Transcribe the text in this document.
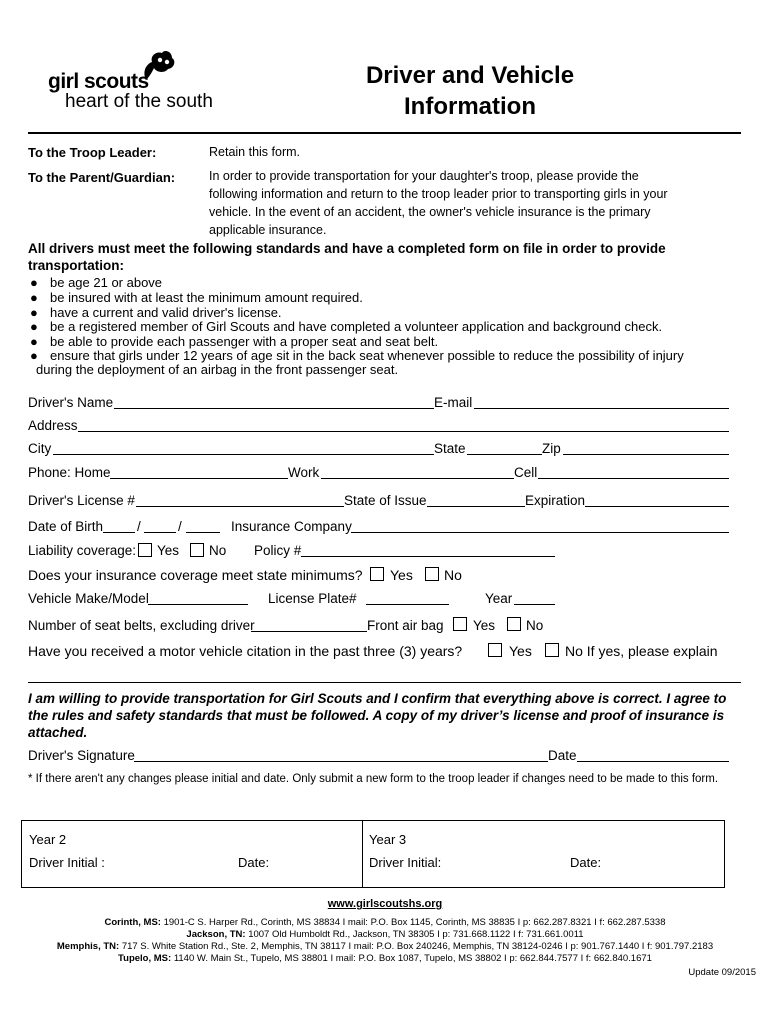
girl scouts
heart of the south
Driver and Vehicle
Information
To the Troop Leader:	Retain this form.
To the Parent/Guardian:	In order to provide transportation for your daughter's troop, please provide the
following information and return to the troop leader prior to transporting girls in your
vehicle. In the event of an accident, the owner's vehicle insurance is the primary
applicable insurance.
All drivers must meet the following standards and have a completed form on file in order to provide transportation:
● be age 21 or above
● be insured with at least the minimum amount required.
● have a current and valid driver's license.
● be a registered member of Girl Scouts and have completed a volunteer application and background check.
● be able to provide each passenger with a proper seat and seat belt.
● ensure that girls under 12 years of age sit in the back seat whenever possible to reduce the possibility of injury
during the deployment of an airbag in the front passenger seat.
Driver's Name	E-mail
Address
City	State	Zip
Phone: Home	Work	Cell
Driver's License #	State of Issue	Expiration
Date of Birth	/	/	Insurance Company
Liability coverage: Yes No Policy #
Does your insurance coverage meet state minimums? Yes No
Vehicle Make/Model	License Plate#	Year
Number of seat belts, excluding driver	Front air bag Yes No
Have you received a motor vehicle citation in the past three (3) years?	Yes No If yes, please explain
I am willing to provide transportation for Girl Scouts and I confirm that everything above is correct. I agree to the rules and safety standards that must be followed. A copy of my driver’s license and proof of insurance is attached.
Driver's Signature	Date
* If there aren't any changes please initial and date. Only submit a new form to the troop leader if changes need to be made to this form.
Year 2
Driver Initial :	Date:
Year 3
Driver Initial:	Date:
www.girlscoutshs.org
Corinth, MS: 1901-C S. Harper Rd., Corinth, MS 38834 I mail: P.O. Box 1145, Corinth, MS 38835 I p: 662.287.8321 I f: 662.287.5338
Jackson, TN: 1007 Old Humboldt Rd., Jackson, TN 38305 I p: 731.668.1122 I f: 731.661.0011
Memphis, TN: 717 S. White Station Rd., Ste. 2, Memphis, TN 38117 I mail: P.O. Box 240246, Memphis, TN 38124-0246 I p: 901.767.1440 I f: 901.797.2183
Tupelo, MS: 1140 W. Main St., Tupelo, MS 38801 I mail: P.O. Box 1087, Tupelo, MS 38802 I p: 662.844.7577 I f: 662.840.1671
Update 09/2015
